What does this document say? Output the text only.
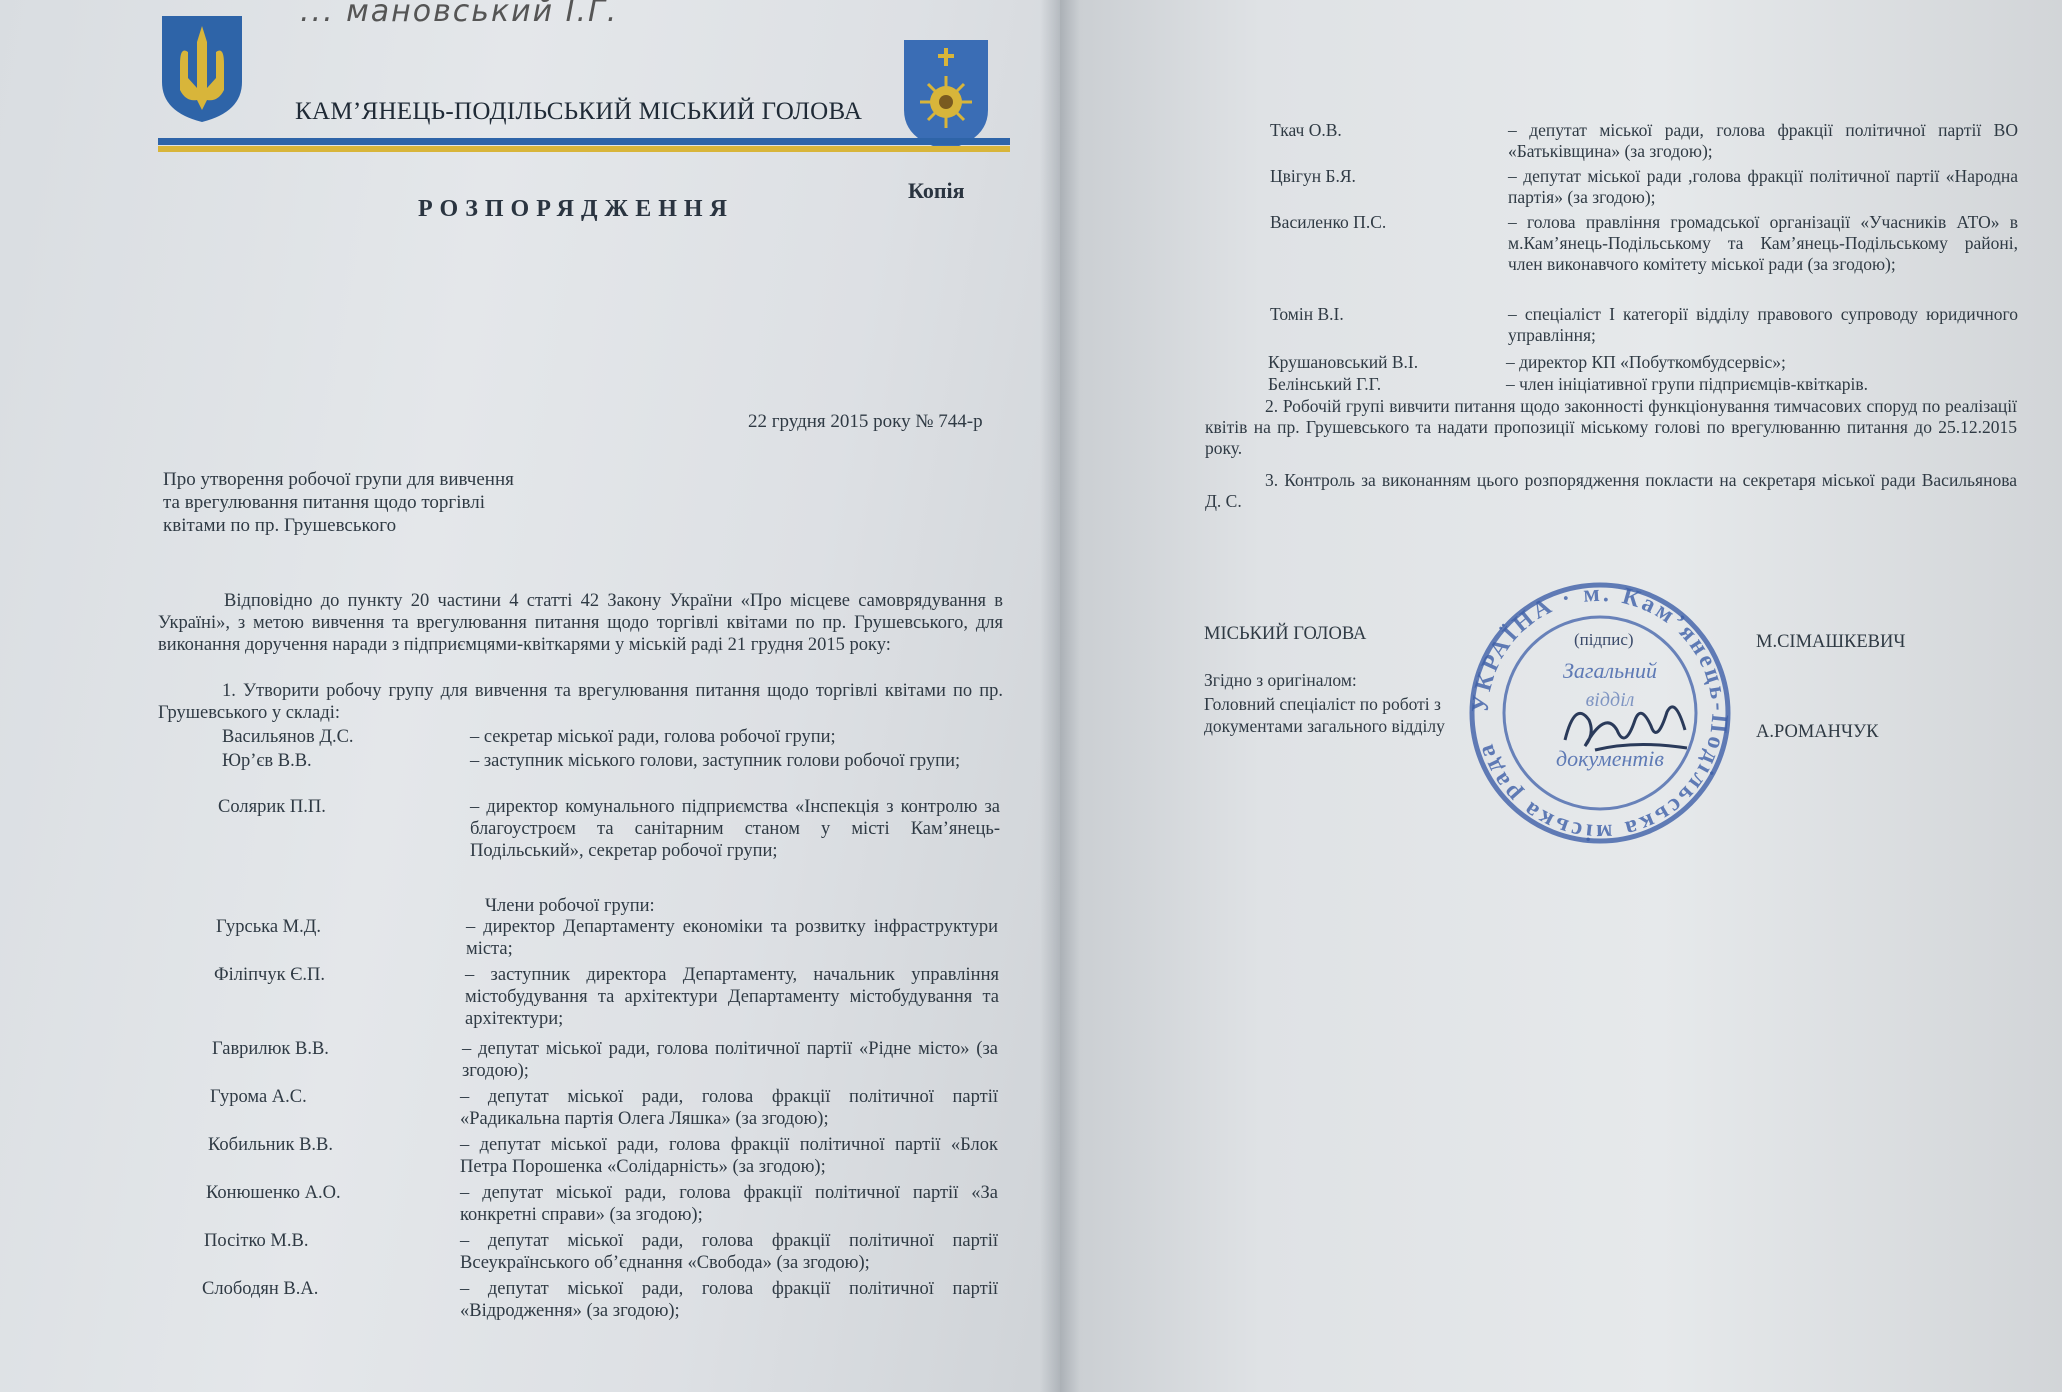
... мановський І.Г.
КАМ’ЯНЕЦЬ-ПОДІЛЬСЬКИЙ МІСЬКИЙ ГОЛОВА
Копія
РОЗПОРЯДЖЕННЯ
22 грудня 2015 року № 744-р
Про утворення робочої групи для вивчення
та врегулювання питання щодо торгівлі
квітами по пр. Грушевського
Відповідно до пункту 20 частини 4 статті 42 Закону України «Про місцеве самоврядування в Україні», з метою вивчення та врегулювання питання щодо торгівлі квітами по пр. Грушевського, для виконання доручення наради з підприємцями-квіткарями у міській раді 21 грудня 2015 року:
1. Утворити робочу групу для вивчення та врегулювання питання щодо торгівлі квітами по пр. Грушевського у складі:
Васильянов Д.С.	– секретар міської ради, голова робочої групи;
Юр’єв В.В.	– заступник міського голови, заступник голови робочої групи;
Солярик П.П.	– директор комунального підприємства «Інспекція з контролю за благоустроєм та санітарним станом у місті Кам’янець-Подільський», секретар робочої групи;
Члени робочої групи:
Гурська М.Д.	– директор Департаменту економіки та розвитку інфраструктури міста;
Філіпчук Є.П.	– заступник директора Департаменту, начальник управління містобудування та архітектури Департаменту містобудування та архітектури;
Гаврилюк В.В.	– депутат міської ради, голова політичної партії «Рідне місто» (за згодою);
Гурома А.С.	– депутат міської ради, голова фракції політичної партії «Радикальна партія Олега Ляшка» (за згодою);
Кобильник В.В.	– депутат міської ради, голова фракції політичної партії «Блок Петра Порошенка «Солідарність» (за згодою);
Конюшенко А.О.	– депутат міської ради, голова фракції політичної партії «За конкретні справи» (за згодою);
Посітко М.В.	– депутат міської ради, голова фракції політичної партії Всеукраїнського об’єднання «Свобода» (за згодою);
Слободян В.А.	– депутат міської ради, голова фракції політичної партії «Відродження» (за згодою);
Ткач О.В.	– депутат міської ради, голова фракції політичної партії ВО «Батьківщина» (за згодою);
Цвігун Б.Я.	– депутат міської ради ,голова фракції політичної партії «Народна партія» (за згодою);
Василенко П.С.	– голова правління громадської організації «Учасників АТО» в м.Кам’янець-Подільському та Кам’янець-Подільському районі, член виконавчого комітету міської ради (за згодою);
Томін В.І.	– спеціаліст І категорії відділу правового супроводу юридичного управління;
Крушановський В.І.	– директор КП «Побуткомбудсервіс»;
Белінський Г.Г.	– член ініціативної групи підприємців-квіткарів.
2. Робочій групі вивчити питання щодо законності функціонування тимчасових споруд по реалізації квітів на пр. Грушевського та надати пропозиції міському голові по врегулюванню питання до 25.12.2015 року.
3. Контроль за виконанням цього розпорядження покласти на секретаря міської ради Васильянова Д. С.
МІСЬКИЙ ГОЛОВА	(підпис)	М.СІМАШКЕВИЧ
Згідно з оригіналом:
Головний спеціаліст по роботі з
документами загального відділу	А.РОМАНЧУК
УКРАЇНА · м. Кам’янець-Подільська міська рада
Загальний
відділ
документів
